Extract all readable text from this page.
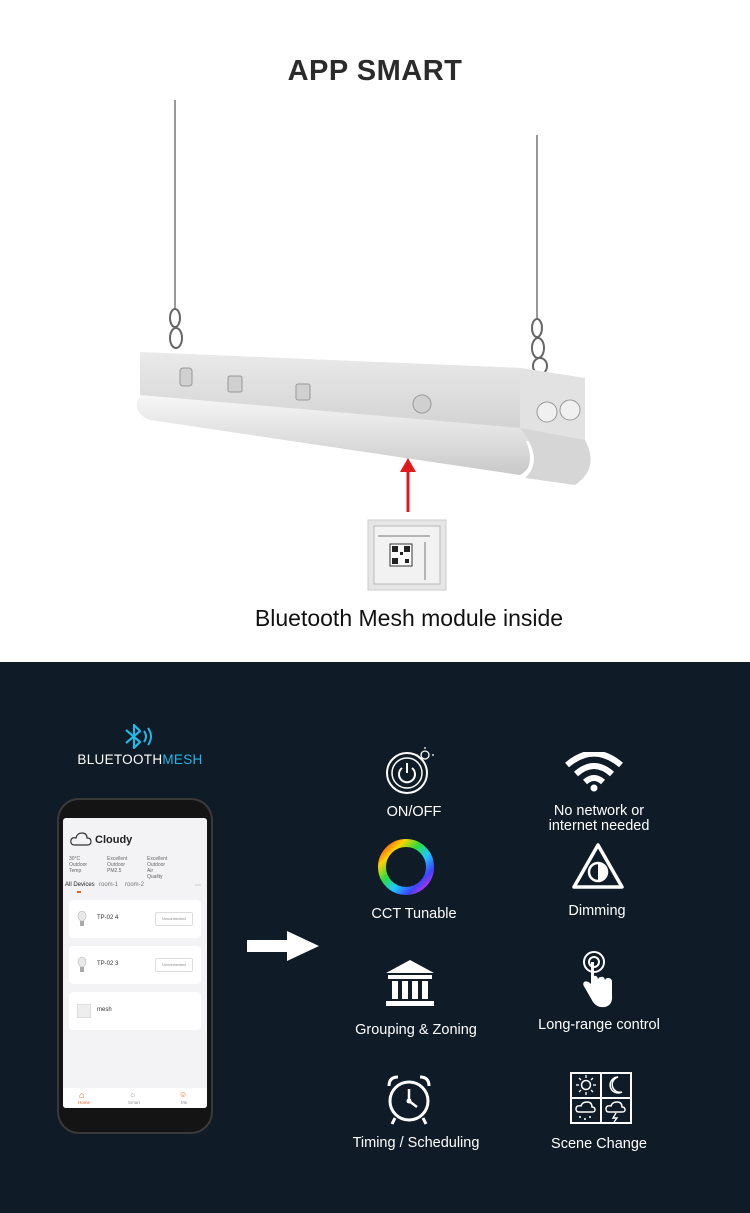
APP SMART
Bluetooth Mesh module inside
BLUETOOTHMESH
Cloudy
30°C
Outdoor Temp
Excellent
Outdoor PM2.5
Excellent
Outdoor Air Quality
All Devices room-1 room-2	⋯
TP-02 4	Unconnected
TP-02 3	Unconnected
mesh
⌂
Home
☼
Smart
☺
Me
ON/OFF	No network or
internet needed
CCT Tunable	Dimming
Grouping & Zoning	Long-range control
Timing / Scheduling	Scene Change
